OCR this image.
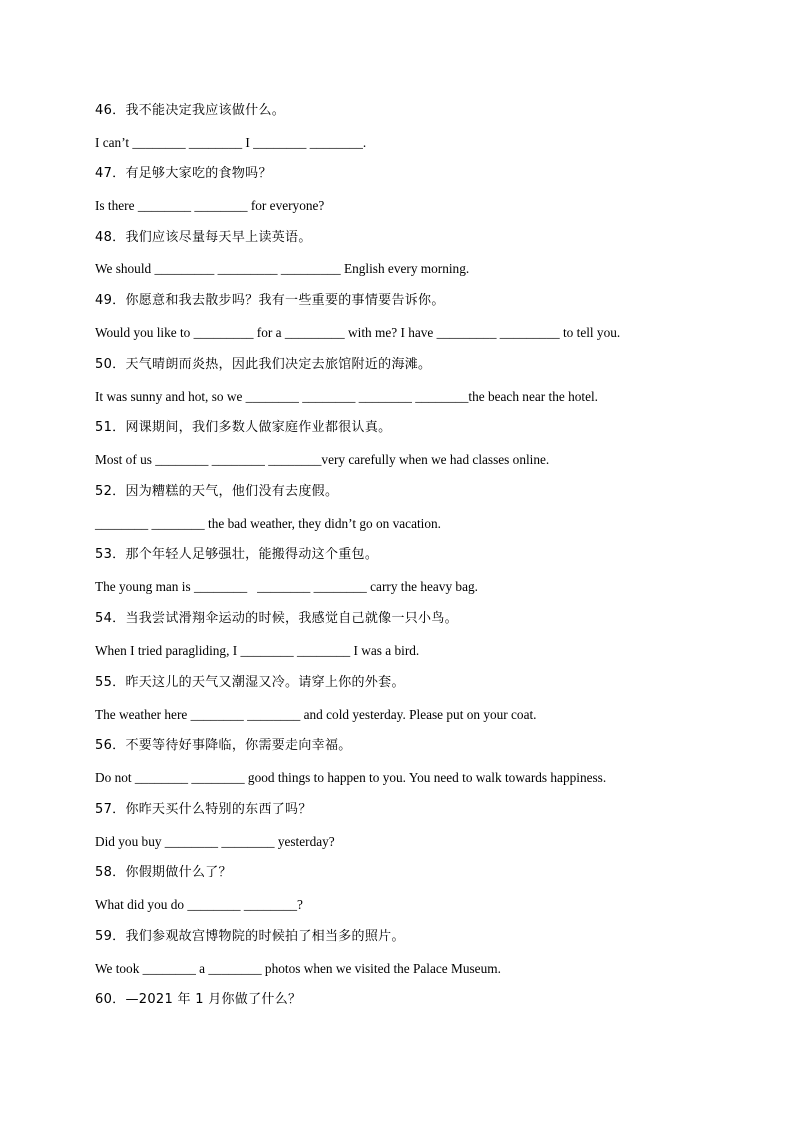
46．我不能决定我应该做什么。
I can’t ________ ________ I ________ ________.
47．有足够大家吃的食物吗？
Is there ________ ________ for everyone?
48．我们应该尽量每天早上读英语。
We should _________ _________ _________ English every morning.
49．你愿意和我去散步吗？我有一些重要的事情要告诉你。
Would you like to _________ for a _________ with me? I have _________ _________ to tell you.
50．天气晴朗而炎热，因此我们决定去旅馆附近的海滩。
It was sunny and hot, so we ________ ________ ________ ________the beach near the hotel.
51．网课期间，我们多数人做家庭作业都很认真。
Most of us ________ ________ ________very carefully when we had classes online.
52．因为糟糕的天气，他们没有去度假。
________ ________ the bad weather, they didn’t go on vacation.
53．那个年轻人足够强壮，能搬得动这个重包。
The young man is ________   ________ ________ carry the heavy bag.
54．当我尝试滑翔伞运动的时候，我感觉自己就像一只小鸟。
When I tried paragliding, I ________ ________ I was a bird.
55．昨天这儿的天气又潮湿又冷。请穿上你的外套。
The weather here ________ ________ and cold yesterday. Please put on your coat.
56．不要等待好事降临，你需要走向幸福。
Do not ________ ________ good things to happen to you. You need to walk towards happiness.
57．你昨天买什么特别的东西了吗？
Did you buy ________ ________ yesterday?
58．你假期做什么了？
What did you do ________ ________?
59．我们参观故宫博物院的时候拍了相当多的照片。
We took ________ a ________ photos when we visited the Palace Museum.
60．—2021 年 1 月你做了什么？
